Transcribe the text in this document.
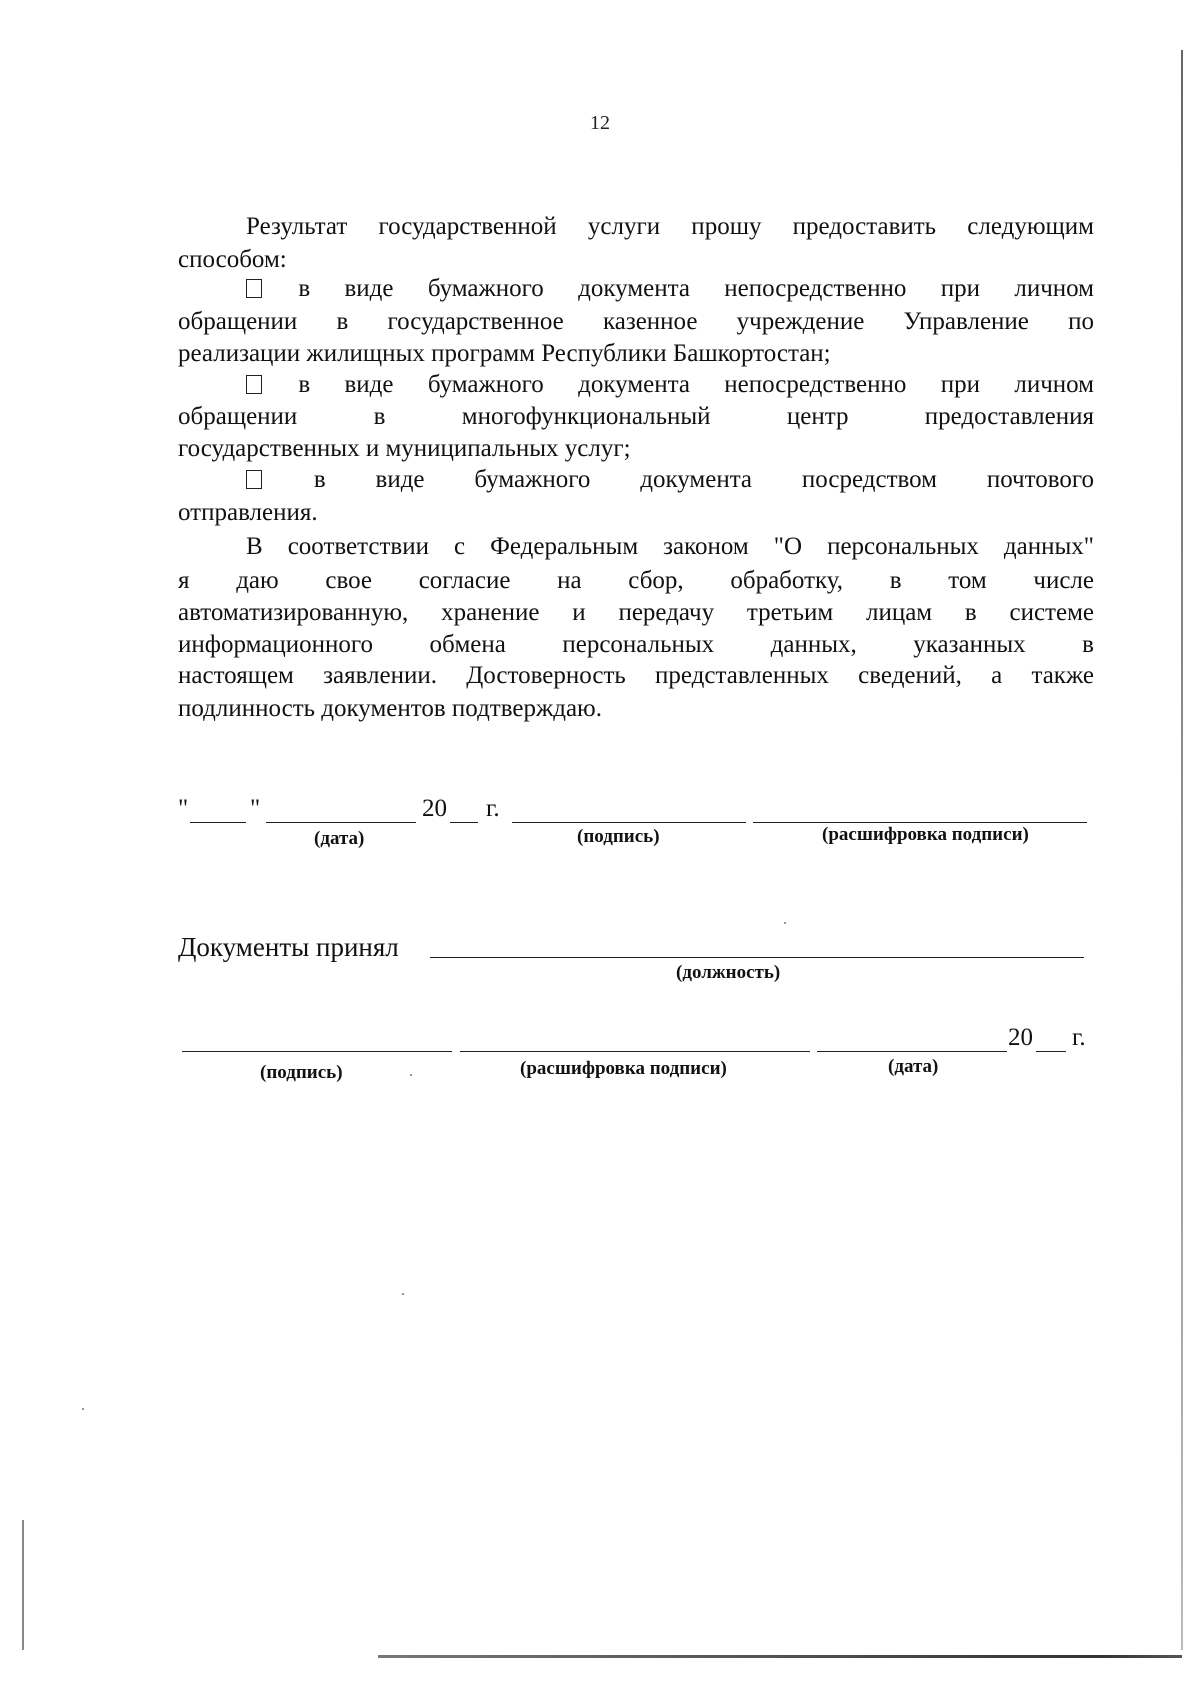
12
Результат государственной услуги прошу предоставить следующим
способом:
в виде бумажного документа непосредственно при личном
обращении в государственное казенное учреждение Управление по
реализации жилищных программ Республики Башкортостан;
в виде бумажного документа непосредственно при личном
обращении в многофункциональный центр предоставления
государственных и муниципальных услуг;
в виде бумажного документа посредством почтового
отправления.
В соответствии с Федеральным законом "О персональных данных"
я даю свое согласие на сбор, обработку, в том числе
автоматизированную, хранение и передачу третьим лицам в системе
информационного обмена персональных данных, указанных в
настоящем заявлении. Достоверность представленных сведений, а также
подлинность документов подтверждаю.
" "	20 г.
(дата)	(подпись)	(расшифровка подписи)
Документы принял
(должность)
20 г.
(подпись)	(расшифровка подписи)	(дата)
